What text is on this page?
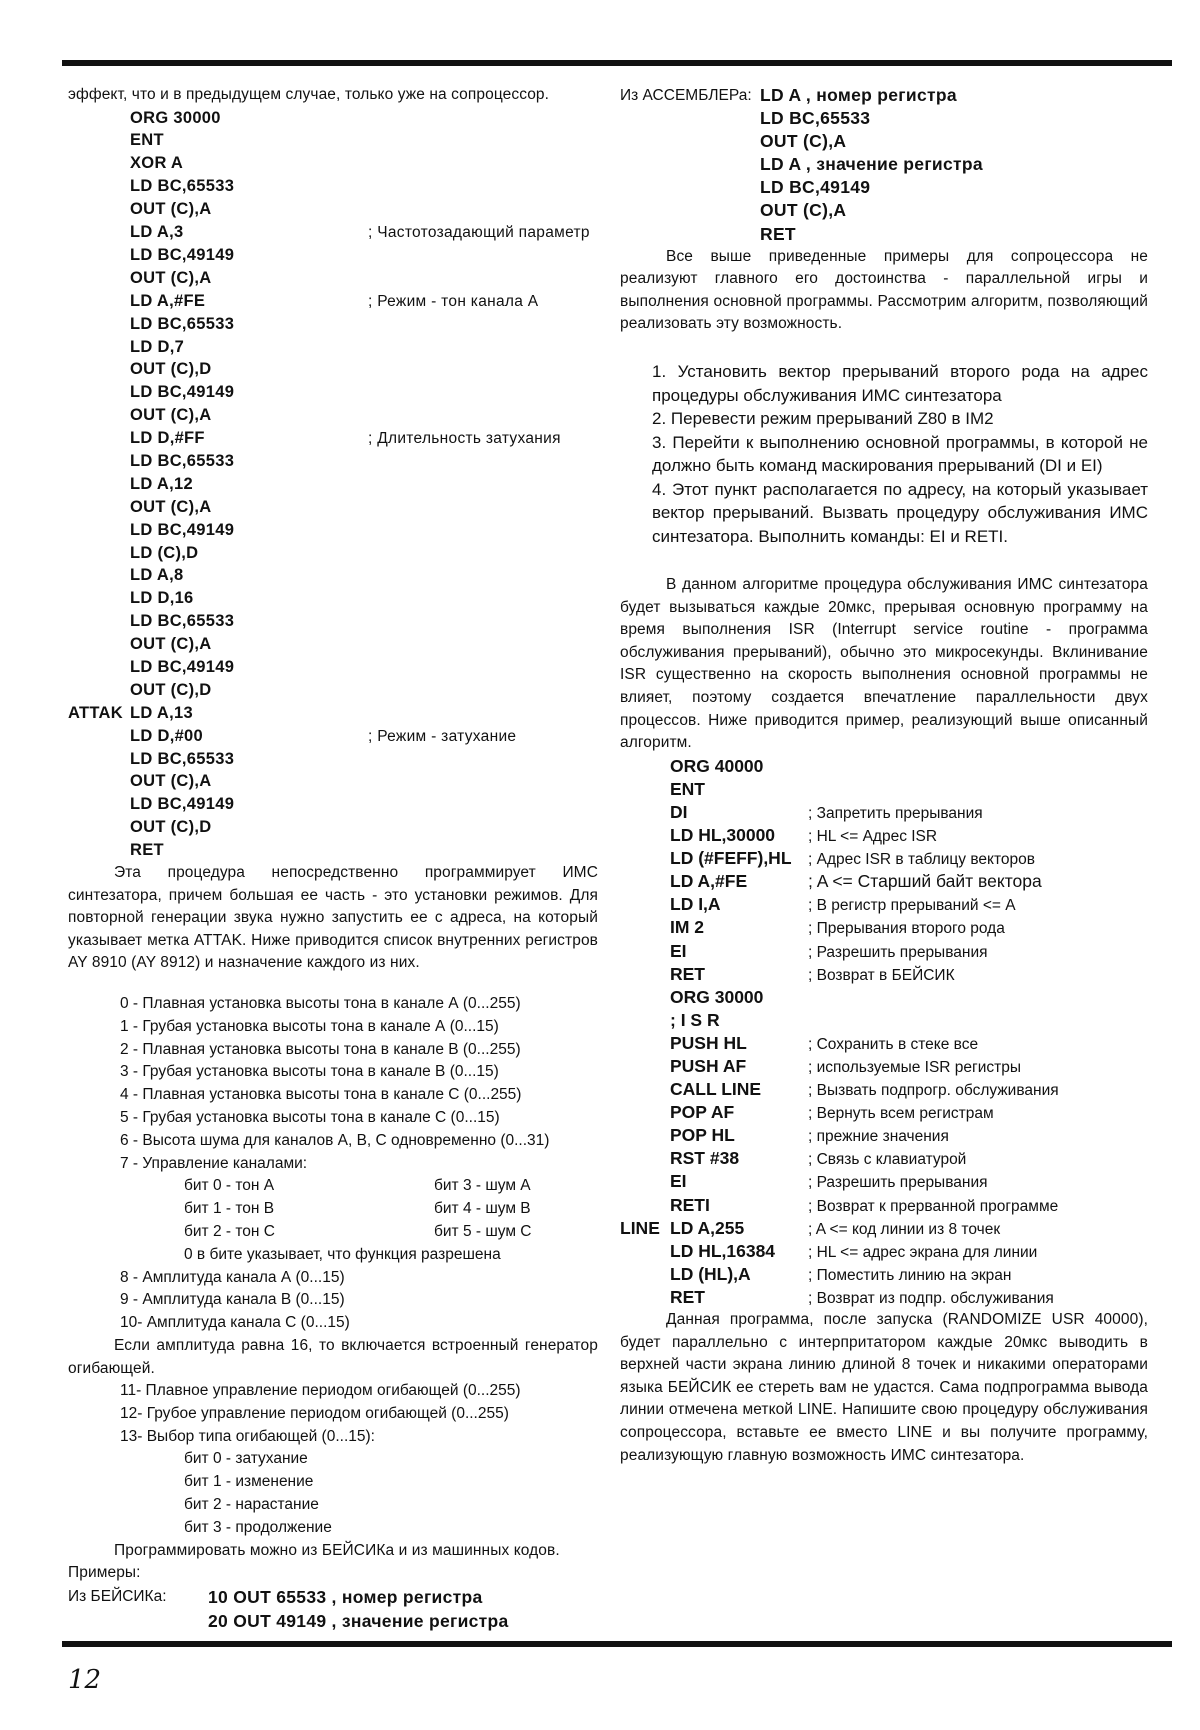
эффект, что и в предыдущем случае, только уже на сопроцессор.
ORG 30000
ENT
XOR A
LD BC,65533
OUT (C),A
LD A,3	; Частотозадающий параметр
LD BC,49149
OUT (C),A
LD A,#FE	; Режим - тон канала А
LD BC,65533
LD D,7
OUT (C),D
LD BC,49149
OUT (C),A
LD D,#FF	; Длительность затухания
LD BC,65533
LD A,12
OUT (C),A
LD BC,49149
LD (C),D
LD A,8
LD D,16
LD BC,65533
OUT (C),A
LD BC,49149
OUT (C),D
ATTAK LD A,13
LD D,#00	; Режим - затухание
LD BC,65533
OUT (C),A
LD BC,49149
OUT (C),D
RET
Эта процедура непосредственно программирует ИМС синтезатора, причем большая ее часть - это установки режимов. Для повторной генерации звука нужно запустить ее с адреса, на который указывает метка ATTAK. Ниже приводится список внутренних регистров AY 8910 (AY 8912) и назначение каждого из них.
0 - Плавная установка высоты тона в канале А (0...255)
1 - Грубая установка высоты тона в канале А (0...15)
2 - Плавная установка высоты тона в канале В (0...255)
3 - Грубая установка высоты тона в канале В (0...15)
4 - Плавная установка высоты тона в канале С (0...255)
5 - Грубая установка высоты тона в канале С (0...15)
6 - Высота шума для каналов А, В, С одновременно (0...31)
7 - Управление каналами:
бит 0 - тон А	бит 3 - шум А
бит 1 - тон В	бит 4 - шум В
бит 2 - тон С	бит 5 - шум С
0 в бите указывает, что функция разрешена
8 - Амплитуда канала А (0...15)
9 - Амплитуда канала В (0...15)
10- Амплитуда канала С (0...15)
Если амплитуда равна 16, то включается встроенный генератор огибающей.
11- Плавное управление периодом огибающей (0...255)
12- Грубое управление периодом огибающей (0...255)
13- Выбор типа огибающей (0...15):
бит 0 - затухание
бит 1 - изменение
бит 2 - нарастание
бит 3 - продолжение
Программировать можно из БЕЙСИКа и из машинных кодов.
Примеры:
Из БЕЙСИКа:	10 OUT 65533 , номер регистра
20 OUT 49149 , значение регистра
Из АССЕМБЛЕРа: LD A , номер регистра
LD BC,65533
OUT (C),A
LD A , значение регистра
LD BC,49149
OUT (C),A
RET
Все выше приведенные примеры для сопроцессора не реализуют главного его достоинства - параллельной игры и выполнения основной программы. Рассмотрим алгоритм, позволяющий реализовать эту возможность.

1. Установить вектор прерываний второго рода на адрес процедуры обслуживания ИМС синтезатора

2. Перевести режим прерываний Z80 в IM2

3. Перейти к выполнению основной программы, в которой не должно быть команд маскирования прерываний (DI и EI)

4. Этот пункт располагается по адресу, на который указывает вектор прерываний. Вызвать процедуру обслуживания ИМС синтезатора. Выполнить команды: EI и RETI.

В данном алгоритме процедура обслуживания ИМС синтезатора будет вызываться каждые 20мкс, прерывая основную программу на время выполнения ISR (Interrupt service routine - программа обслуживания прерываний), обычно это микросекунды. Вклинивание ISR существенно на скорость выполнения основной программы не влияет, поэтому создается впечатление параллельности двух процессов. Ниже приводится пример, реализующий выше описанный алгоритм.
ORG 40000
ENT
DI	; Запретить прерывания
LD HL,30000	; HL <= Адрес ISR
LD (#FEFF),HL	; Адрес ISR в таблицу векторов
LD A,#FE	; A <= Старший байт вектора
LD I,A	; В регистр прерываний <= A
IM 2	; Прерывания второго рода
EI	; Разрешить прерывания
RET	; Возврат в БЕЙСИК
ORG 30000
; I S R
PUSH HL	; Сохранить в стеке все
PUSH AF	; используемые ISR регистры
CALL LINE	; Вызвать подпрогр. обслуживания
POP AF	; Вернуть всем регистрам
POP HL	; прежние значения
RST #38	; Связь с клавиатурой
EI	; Разрешить прерывания
RETI	; Возврат к прерванной программе
LINE LD A,255	; A <= код линии из 8 точек
LD HL,16384	; HL <= адрес экрана для линии
LD (HL),A	; Поместить линию на экран
RET	; Возврат из подпр. обслуживания
Данная программа, после запуска (RANDOMIZE USR 40000), будет параллельно с интерпритатором каждые 20мкс выводить в верхней части экрана линию длиной 8 точек и никакими операторами языка БЕЙСИК ее стереть вам не удастся. Сама подпрограмма вывода линии отмечена меткой LINE. Напишите свою процедуру обслуживания сопроцессора, вставьте ее вместо LINE и вы получите программу, реализующую главную возможность ИМС синтезатора.
12
